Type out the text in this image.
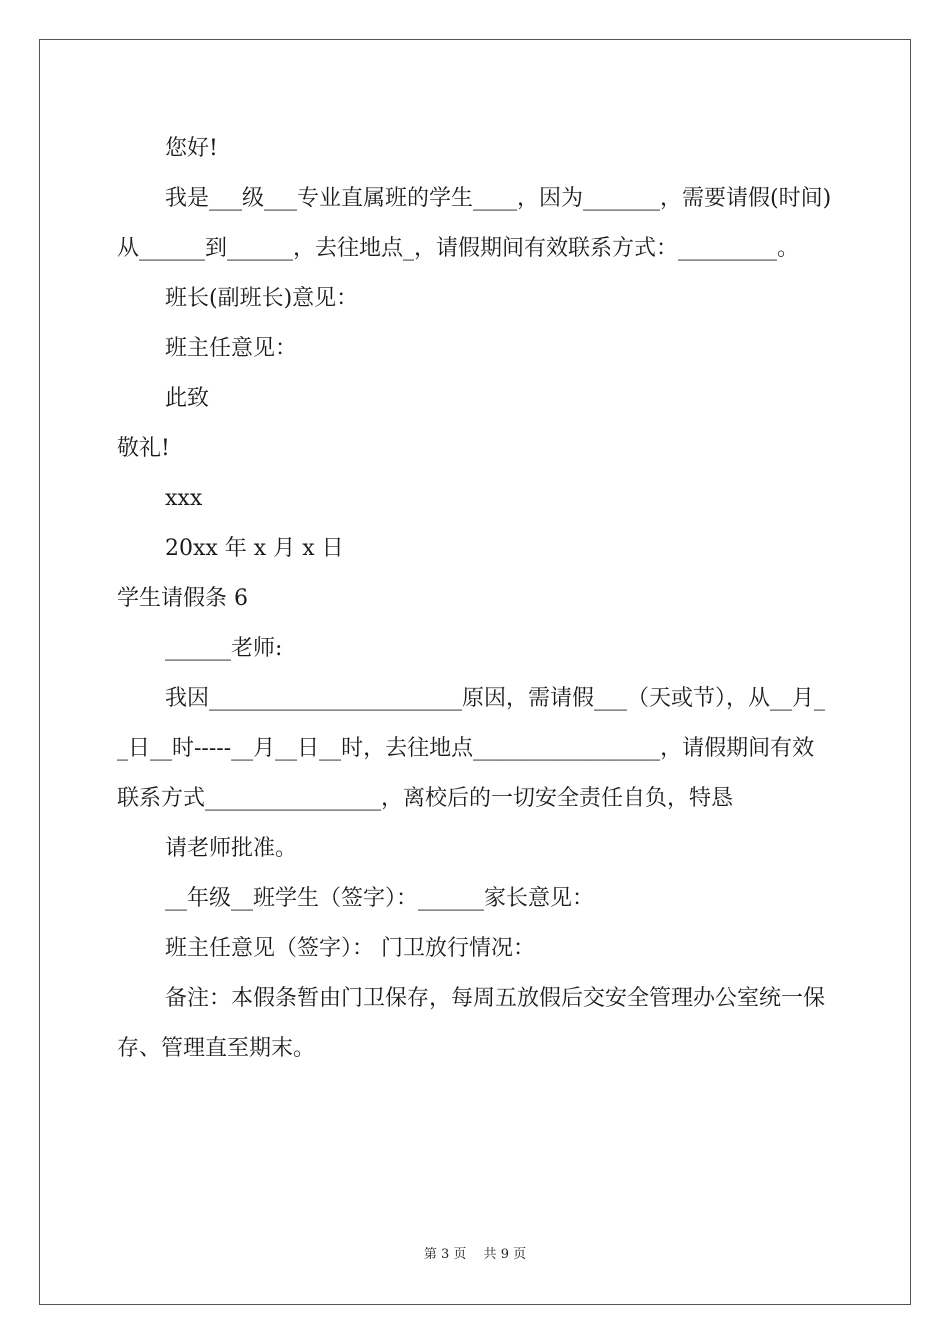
您好!

我是___级___专业直属班的学生____，因为_______，需要请假(时间)从______到______，去往地点_，请假期间有效联系方式：_________。

班长(副班长)意见：

班主任意见：

此致

敬礼!

xxx

20xx 年 x 月 x 日

学生请假条 6

______老师:

我因_______________________原因，需请假___（天或节），从__月__日__时-----__月__日__时，去往地点_________________，请假期间有效联系方式________________，离校后的一切安全责任自负，特恳

请老师批准。

__年级__班学生（签字）：______家长意见：

班主任意见（签字）： 门卫放行情况：

备注：本假条暂由门卫保存，每周五放假后交安全管理办公室统一保存、管理直至期末。

第 3 页　 共 9 页
